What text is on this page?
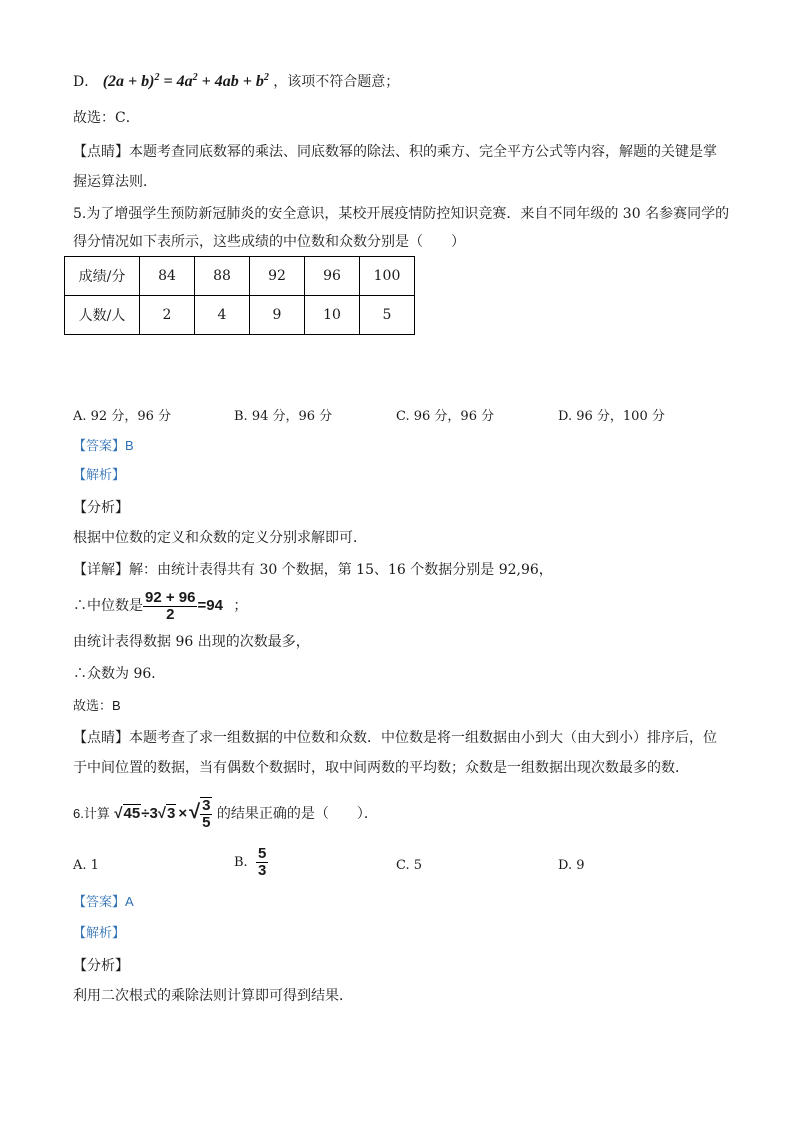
D． $(2a + b)^2 = 4a^2 + 4ab + b^2$ ，该项不符合题意；
故选：C．
【点睛】本题考查同底数幂的乘法、同底数幂的除法、积的乘方、完全平方公式等内容，解题的关键是掌
握运算法则．
5.为了增强学生预防新冠肺炎的安全意识，某校开展疫情防控知识竞赛．来自不同年级的 30 名参赛同学的
得分情况如下表所示，这些成绩的中位数和众数分别是（　　）
成绩/分	84	88	92	96	100
人数/人	2	4	9	10	5
A. 92 分，96 分	B. 94 分，96 分	C. 96 分，96 分	D. 96 分，100 分
【答案】B
【解析】
【分析】
根据中位数的定义和众数的定义分别求解即可．
【详解】解：由统计表得共有 30 个数据，第 15、16 个数据分别是 92,96，
∴中位数是 $\frac{92 + 96}{2} =94$ ；
由统计表得数据 96 出现的次数最多，
∴众数为 96．
故选：B
【点睛】本题考查了求一组数据的中位数和众数．中位数是将一组数据由小到大（由大到小）排序后，位
于中间位置的数据，当有偶数个数据时，取中间两数的平均数；众数是一组数据出现次数最多的数．
6.计算 √45÷3√3 × √ $\frac{3}{5}$ 的结果正确的是（　　）．
A. 1	B. $\frac{5}{3}$	C. 5	D. 9
【答案】A
【解析】
【分析】
利用二次根式的乘除法则计算即可得到结果．
